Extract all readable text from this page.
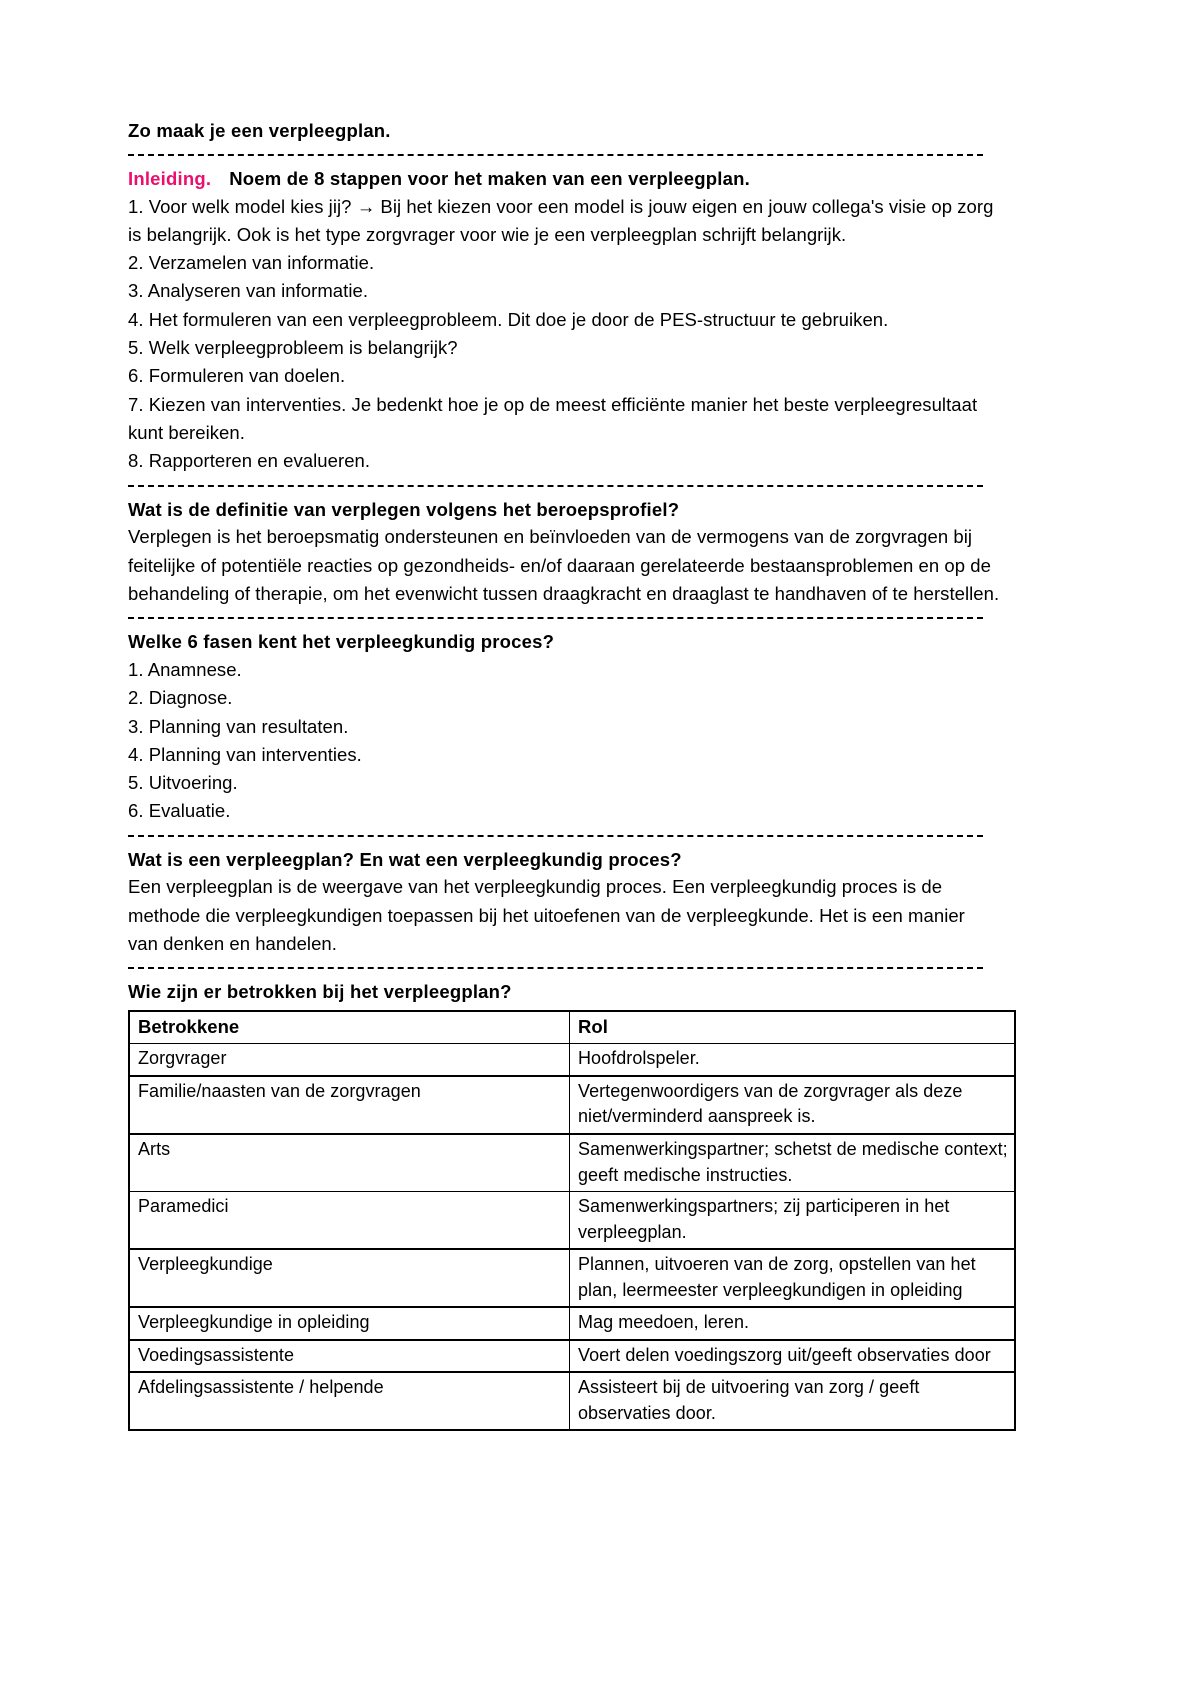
Zo maak je een verpleegplan.

Inleiding. Noem de 8 stappen voor het maken van een verpleegplan.

1. Voor welk model kies jij? → Bij het kiezen voor een model is jouw eigen en jouw collega's visie op zorg is belangrijk. Ook is het type zorgvrager voor wie je een verpleegplan schrijft belangrijk.
2. Verzamelen van informatie.
3. Analyseren van informatie.
4. Het formuleren van een verpleegprobleem. Dit doe je door de PES-structuur te gebruiken.
5. Welk verpleegprobleem is belangrijk?
6. Formuleren van doelen.
7. Kiezen van interventies. Je bedenkt hoe je op de meest efficiënte manier het beste verpleegresultaat kunt bereiken.
8. Rapporteren en evalueren.

Wat is de definitie van verplegen volgens het beroepsprofiel?

Verplegen is het beroepsmatig ondersteunen en beïnvloeden van de vermogens van de zorgvragen bij feitelijke of potentiële reacties op gezondheids- en/of daaraan gerelateerde bestaansproblemen en op de behandeling of therapie, om het evenwicht tussen draagkracht en draaglast te handhaven of te herstellen.

Welke 6 fasen kent het verpleegkundig proces?

1. Anamnese.
2. Diagnose.
3. Planning van resultaten.
4. Planning van interventies.
5. Uitvoering.
6. Evaluatie.

Wat is een verpleegplan? En wat een verpleegkundig proces?

Een verpleegplan is de weergave van het verpleegkundig proces. Een verpleegkundig proces is de methode die verpleegkundigen toepassen bij het uitoefenen van de verpleegkunde. Het is een manier van denken en handelen.

Wie zijn er betrokken bij het verpleegplan?

Betrokkene	Rol
Zorgvrager	Hoofdrolspeler.
Familie/naasten van de zorgvragen	Vertegenwoordigers van de zorgvrager als deze niet/verminderd aanspreek is.
Arts	Samenwerkingspartner; schetst de medische context; geeft medische instructies.
Paramedici	Samenwerkingspartners; zij participeren in het verpleegplan.
Verpleegkundige	Plannen, uitvoeren van de zorg, opstellen van het plan, leermeester verpleegkundigen in opleiding
Verpleegkundige in opleiding	Mag meedoen, leren.
Voedingsassistente	Voert delen voedingszorg uit/geeft observaties door
Afdelingsassistente / helpende	Assisteert bij de uitvoering van zorg / geeft observaties door.
